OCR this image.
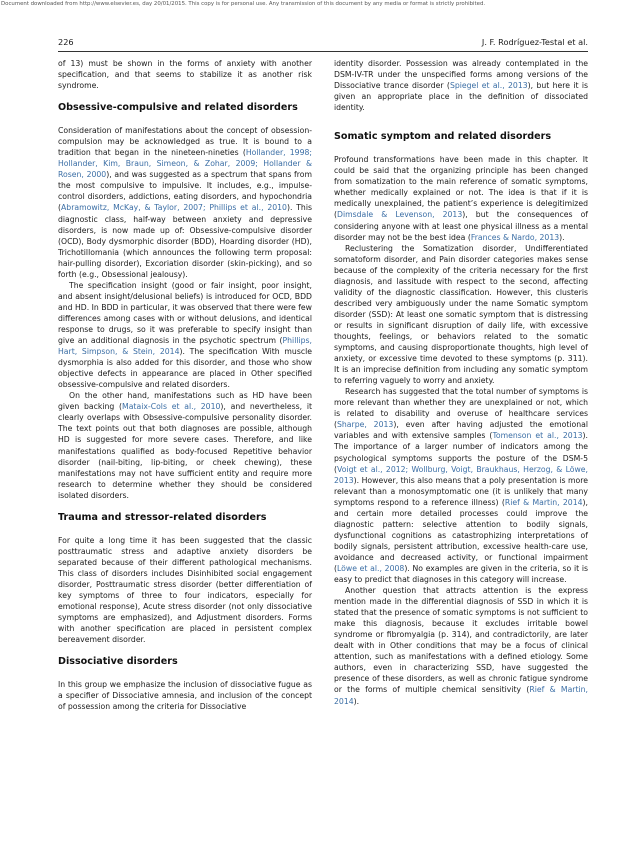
Document downloaded from http://www.elsevier.es, day 20/01/2015. This copy is for personal use. Any transmission of this document by any media or format is strictly prohibited.
226	J. F. Rodríguez-Testal et al.

of 13) must be shown in the forms of anxiety with another specification, and that seems to stabilize it as another risk syndrome.

Obsessive-compulsive and related disorders

Consideration of manifestations about the concept of obsession-compulsion may be acknowledged as true. It is bound to a tradition that began in the nineteen-nineties (Hollander, 1998; Hollander, Kim, Braun, Simeon, & Zohar, 2009; Hollander & Rosen, 2000), and was suggested as a spectrum that spans from the most compulsive to impulsive. It includes, e.g., impulse-control disorders, addictions, eating disorders, and hypochondria (Abramowitz, McKay, & Taylor, 2007; Phillips et al., 2010). This diagnostic class, half-way between anxiety and depressive disorders, is now made up of: Obsessive-compulsive disorder (OCD), Body dysmorphic disorder (BDD), Hoarding disorder (HD), Trichotillomania (which announces the following term proposal: hair-pulling disorder), Excoriation disorder (skin-picking), and so forth (e.g., Obsessional jealousy).

The specification insight (good or fair insight, poor insight, and absent insight/delusional beliefs) is introduced for OCD, BDD and HD. In BDD in particular, it was observed that there were few differences among cases with or without delusions, and identical response to drugs, so it was preferable to specify insight than give an additional diagnosis in the psychotic spectrum (Phillips, Hart, Simpson, & Stein, 2014). The specification With muscle dysmorphia is also added for this disorder, and those who show objective defects in appearance are placed in Other specified obsessive-compulsive and related disorders.

On the other hand, manifestations such as HD have been given backing (Mataix-Cols et al., 2010), and nevertheless, it clearly overlaps with Obsessive-compulsive personality disorder. The text points out that both diagnoses are possible, although HD is suggested for more severe cases. Therefore, and like manifestations qualified as body-focused Repetitive behavior disorder (nail-biting, lip-biting, or cheek chewing), these manifestations may not have sufficient entity and require more research to determine whether they should be considered isolated disorders.

Trauma and stressor-related disorders

For quite a long time it has been suggested that the classic posttraumatic stress and adaptive anxiety disorders be separated because of their different pathological mechanisms. This class of disorders includes Disinhibited social engagement disorder, Posttraumatic stress disorder (better differentiation of key symptoms of three to four indicators, especially for emotional response), Acute stress disorder (not only dissociative symptoms are emphasized), and Adjustment disorders. Forms with another specification are placed in persistent complex bereavement disorder.

Dissociative disorders

In this group we emphasize the inclusion of dissociative fugue as a specifier of Dissociative amnesia, and inclusion of the concept of possession among the criteria for Dissociative

identity disorder. Possession was already contemplated in the DSM-IV-TR under the unspecified forms among versions of the Dissociative trance disorder (Spiegel et al., 2013), but here it is given an appropriate place in the definition of dissociated identity.

Somatic symptom and related disorders

Profound transformations have been made in this chapter. It could be said that the organizing principle has been changed from somatization to the main reference of somatic symptoms, whether medically explained or not. The idea is that if it is medically unexplained, the patient’s experience is delegitimized (Dimsdale & Levenson, 2013), but the consequences of considering anyone with at least one physical illness as a mental disorder may not be the best idea (Frances & Nardo, 2013).

Reclustering the Somatization disorder, Undifferentiated somatoform disorder, and Pain disorder categories makes sense because of the complexity of the criteria necessary for the first diagnosis, and lassitude with respect to the second, affecting validity of the diagnostic classification. However, this clusteris described very ambiguously under the name Somatic symptom disorder (SSD): At least one somatic symptom that is distressing or results in significant disruption of daily life, with excessive thoughts, feelings, or behaviors related to the somatic symptoms, and causing disproportionate thoughts, high level of anxiety, or excessive time devoted to these symptoms (p. 311). It is an imprecise definition from including any somatic symptom to referring vaguely to worry and anxiety.

Research has suggested that the total number of symptoms is more relevant than whether they are unexplained or not, which is related to disability and overuse of healthcare services (Sharpe, 2013), even after having adjusted the emotional variables and with extensive samples (Tomenson et al., 2013). The importance of a larger number of indicators among the psychological symptoms supports the posture of the DSM-5 (Voigt et al., 2012; Wollburg, Voigt, Braukhaus, Herzog, & Löwe, 2013). However, this also means that a poly presentation is more relevant than a monosymptomatic one (it is unlikely that many symptoms respond to a reference illness) (Rief & Martin, 2014), and certain more detailed processes could improve the diagnostic pattern: selective attention to bodily signals, dysfunctional cognitions as catastrophizing interpretations of bodily signals, persistent attribution, excessive health-care use, avoidance and decreased activity, or functional impairment (Löwe et al., 2008). No examples are given in the criteria, so it is easy to predict that diagnoses in this category will increase.

Another question that attracts attention is the express mention made in the differential diagnosis of SSD in which it is stated that the presence of somatic symptoms is not sufficient to make this diagnosis, because it excludes irritable bowel syndrome or fibromyalgia (p. 314), and contradictorily, are later dealt with in Other conditions that may be a focus of clinical attention, such as manifestations with a defined etiology. Some authors, even in characterizing SSD, have suggested the presence of these disorders, as well as chronic fatigue syndrome or the forms of multiple chemical sensitivity (Rief & Martin, 2014).
